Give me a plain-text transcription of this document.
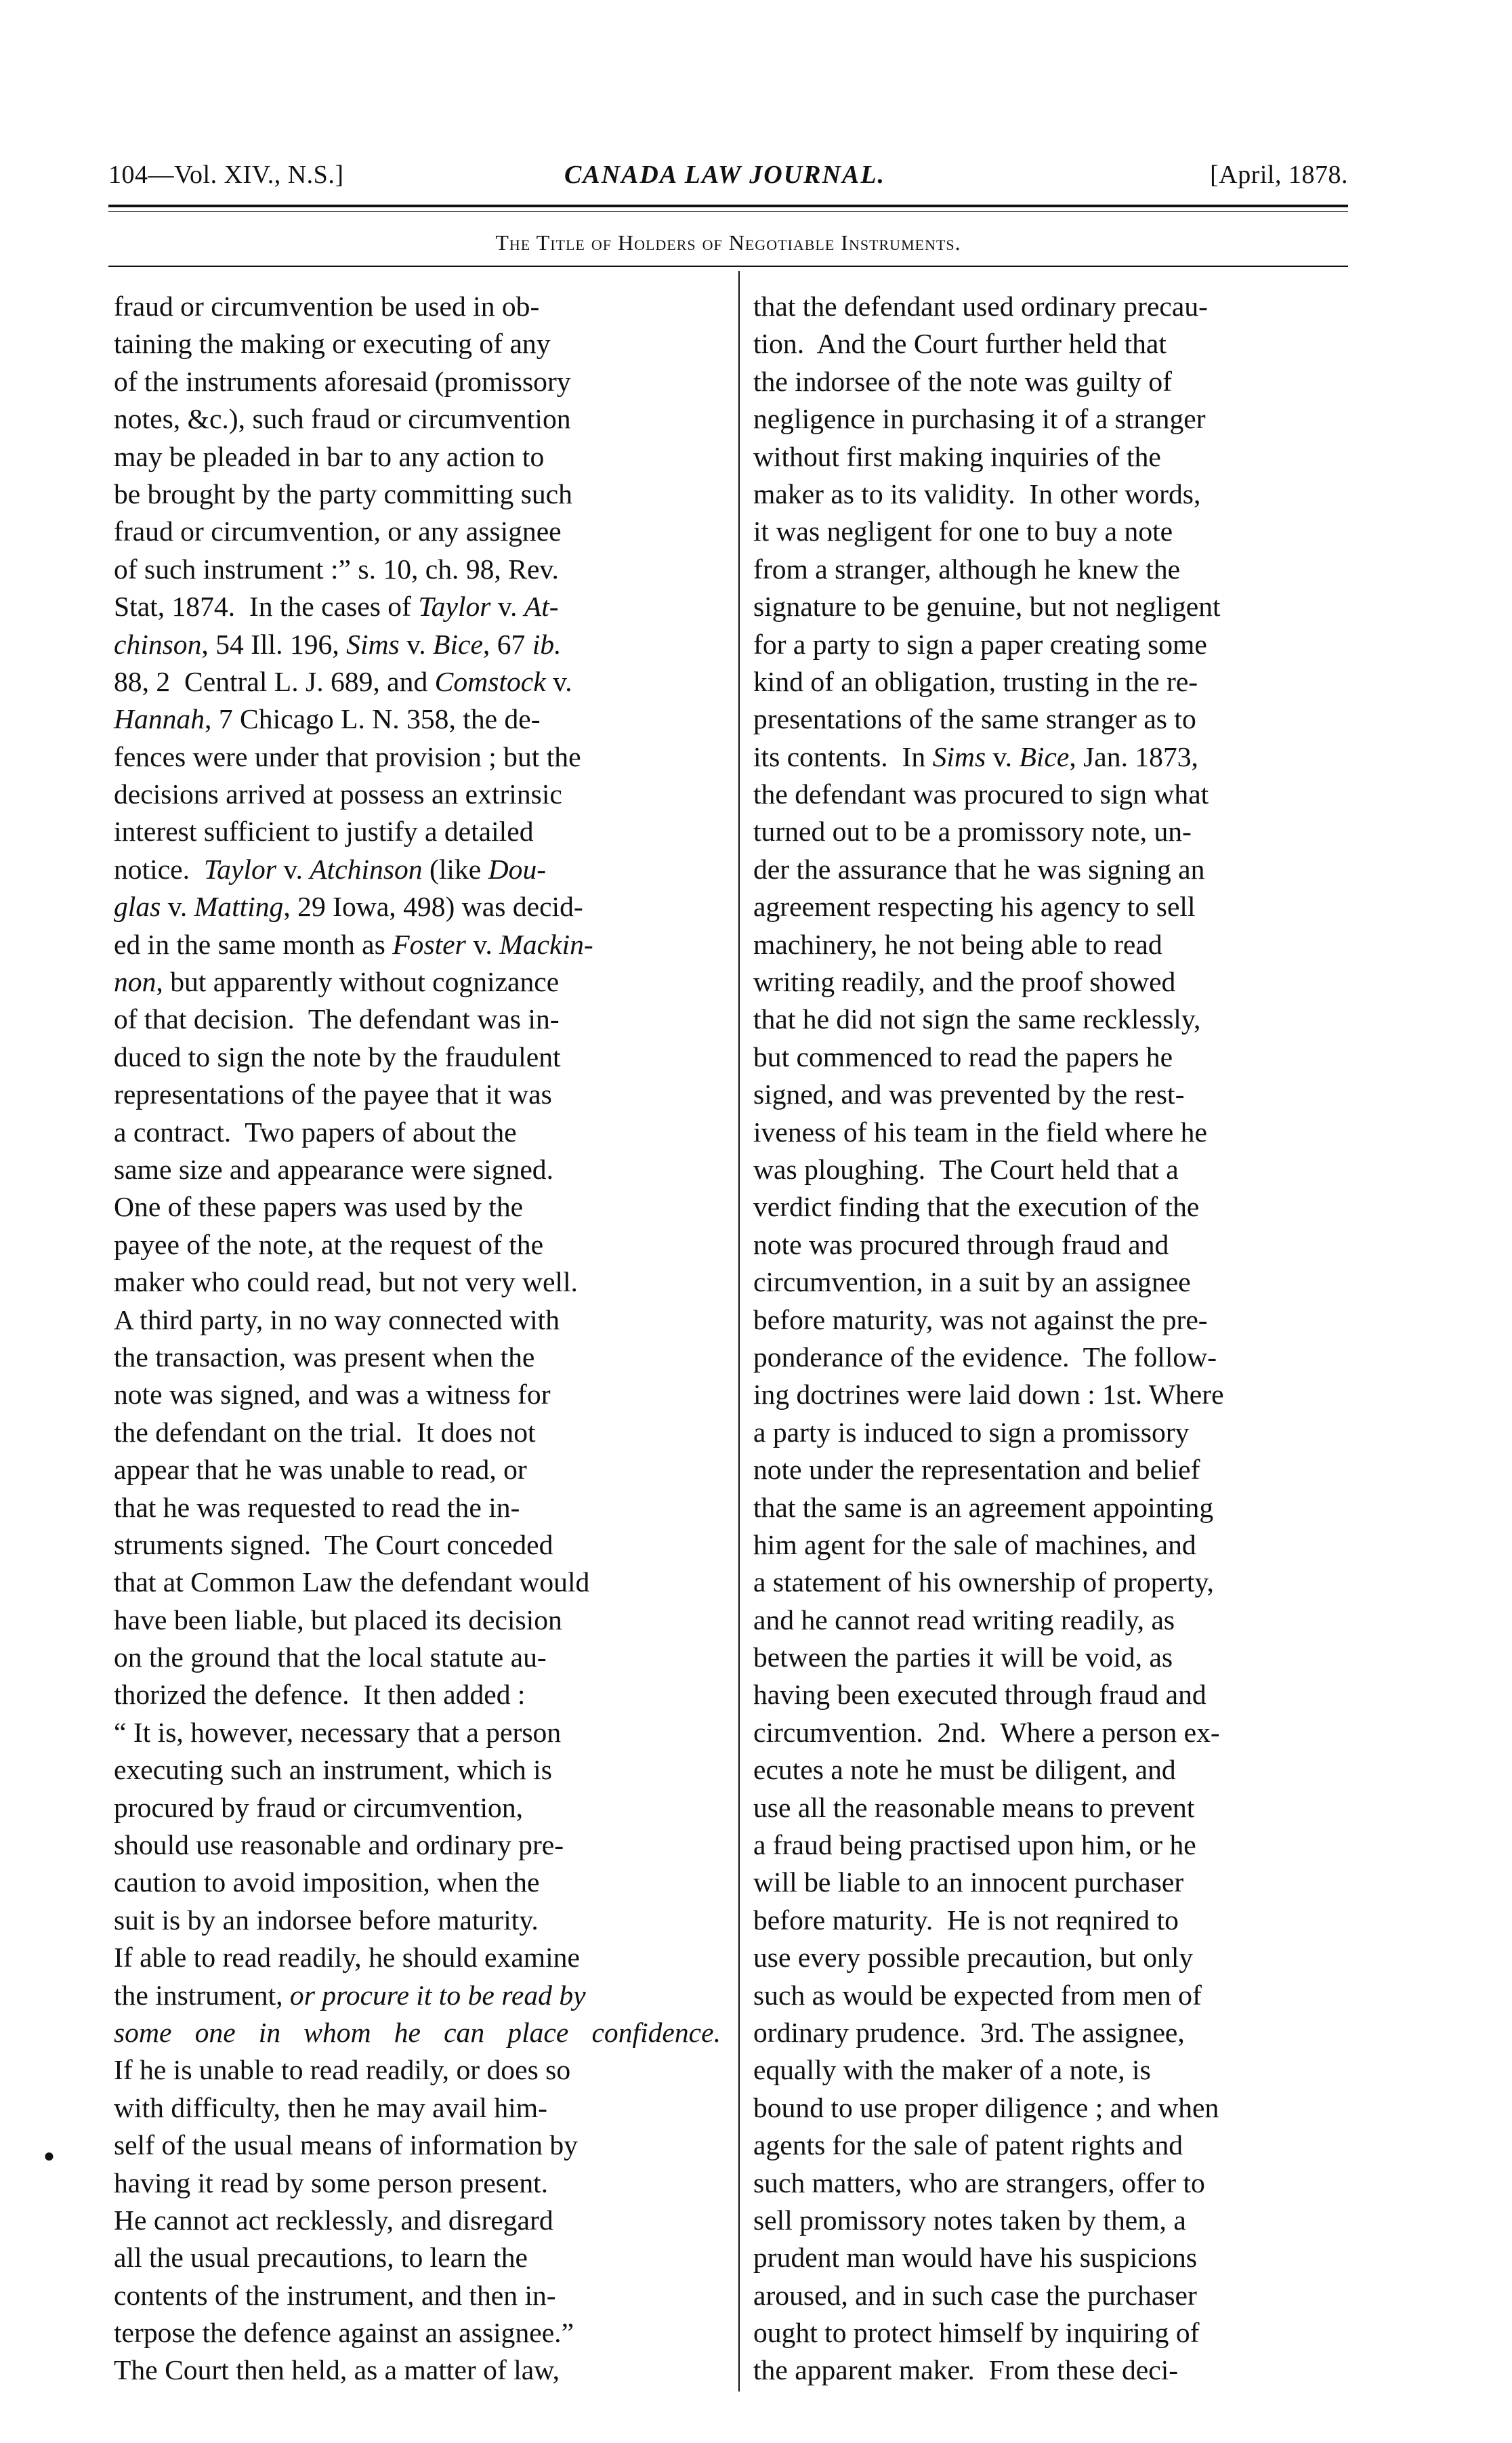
104—Vol. XIV., N.S.]	CANADA LAW JOURNAL.	[April, 1878.
The Title of Holders of Negotiable Instruments.
fraud or circumvention be used in ob-
taining the making or executing of any
of the instruments aforesaid (promissory
notes, &c.), such fraud or circumvention
may be pleaded in bar to any action to
be brought by the party committing such
fraud or circumvention, or any assignee
of such instrument :” s. 10, ch. 98, Rev.
Stat, 1874.  In the cases of Taylor v. At-
chinson, 54 Ill. 196, Sims v. Bice, 67 ib.
88, 2  Central L. J. 689, and Comstock v.
Hannah, 7 Chicago L. N. 358, the de-
fences were under that provision ; but the
decisions arrived at possess an extrinsic
interest sufficient to justify a detailed
notice.  Taylor v. Atchinson (like Dou-
glas v. Matting, 29 Iowa, 498) was decid-
ed in the same month as Foster v. Mackin-
non, but apparently without cognizance
of that decision.  The defendant was in-
duced to sign the note by the fraudulent
representations of the payee that it was
a contract.  Two papers of about the
same size and appearance were signed.
One of these papers was used by the
payee of the note, at the request of the
maker who could read, but not very well.
A third party, in no way connected with
the transaction, was present when the
note was signed, and was a witness for
the defendant on the trial.  It does not
appear that he was unable to read, or
that he was requested to read the in-
struments signed.  The Court conceded
that at Common Law the defendant would
have been liable, but placed its decision
on the ground that the local statute au-
thorized the defence.  It then added :
“ It is, however, necessary that a person
executing such an instrument, which is
procured by fraud or circumvention,
should use reasonable and ordinary pre-
caution to avoid imposition, when the
suit is by an indorsee before maturity.
If able to read readily, he should examine
the instrument, or procure it to be read by
some one in whom he can place confidence.
If he is unable to read readily, or does so
with difficulty, then he may avail him-
self of the usual means of information by
having it read by some person present.
He cannot act recklessly, and disregard
all the usual precautions, to learn the
contents of the instrument, and then in-
terpose the defence against an assignee.”
The Court then held, as a matter of law,
that the defendant used ordinary precau-
tion.  And the Court further held that
the indorsee of the note was guilty of
negligence in purchasing it of a stranger
without first making inquiries of the
maker as to its validity.  In other words,
it was negligent for one to buy a note
from a stranger, although he knew the
signature to be genuine, but not negligent
for a party to sign a paper creating some
kind of an obligation, trusting in the re-
presentations of the same stranger as to
its contents.  In Sims v. Bice, Jan. 1873,
the defendant was procured to sign what
turned out to be a promissory note, un-
der the assurance that he was signing an
agreement respecting his agency to sell
machinery, he not being able to read
writing readily, and the proof showed
that he did not sign the same recklessly,
but commenced to read the papers he
signed, and was prevented by the rest-
iveness of his team in the field where he
was ploughing.  The Court held that a
verdict finding that the execution of the
note was procured through fraud and
circumvention, in a suit by an assignee
before maturity, was not against the pre-
ponderance of the evidence.  The follow-
ing doctrines were laid down : 1st. Where
a party is induced to sign a promissory
note under the representation and belief
that the same is an agreement appointing
him agent for the sale of machines, and
a statement of his ownership of property,
and he cannot read writing readily, as
between the parties it will be void, as
having been executed through fraud and
circumvention.  2nd.  Where a person ex-
ecutes a note he must be diligent, and
use all the reasonable means to prevent
a fraud being practised upon him, or he
will be liable to an innocent purchaser
before maturity.  He is not reqnired to
use every possible precaution, but only
such as would be expected from men of
ordinary prudence.  3rd. The assignee,
equally with the maker of a note, is
bound to use proper diligence ; and when
agents for the sale of patent rights and
such matters, who are strangers, offer to
sell promissory notes taken by them, a
prudent man would have his suspicions
aroused, and in such case the purchaser
ought to protect himself by inquiring of
the apparent maker.  From these deci-
●
